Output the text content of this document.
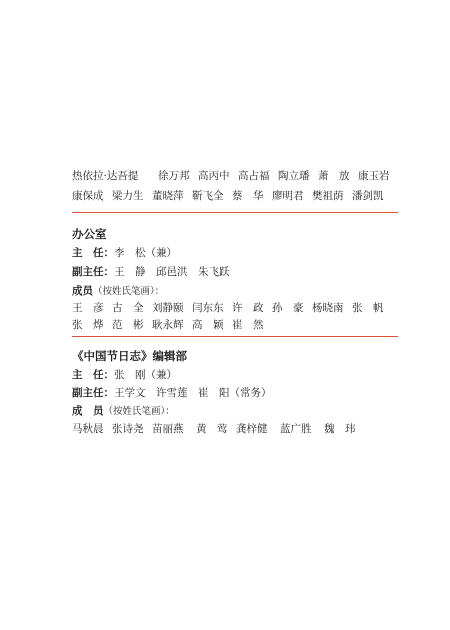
热依拉·达吾提	徐万邦 高丙中 高占福 陶立璠 萧　放 康玉岩
康保成 梁力生 董晓萍 靳飞全 蔡　华 廖明君 樊祖荫 潘剑凯
办公室
主　任：李　松（兼）
副主任：王　静　邱邑洪　朱飞跃
成员（按姓氏笔画）：
王　彦 古　全 刘静颐 闫东东 许　政 孙　豪 杨晓南 张　帆
张　烨 范　彬 耿永辉 高　颖 崔　然
《中国节日志》编辑部
主　任：张　刚（兼）
副主任：王学文　许雪莲　崔　阳（常务）
成　员（按姓氏笔画）：
马秋晨 张诗尧 苗丽燕	黄　莺 龚梓健	蓝广胜	魏　玮
